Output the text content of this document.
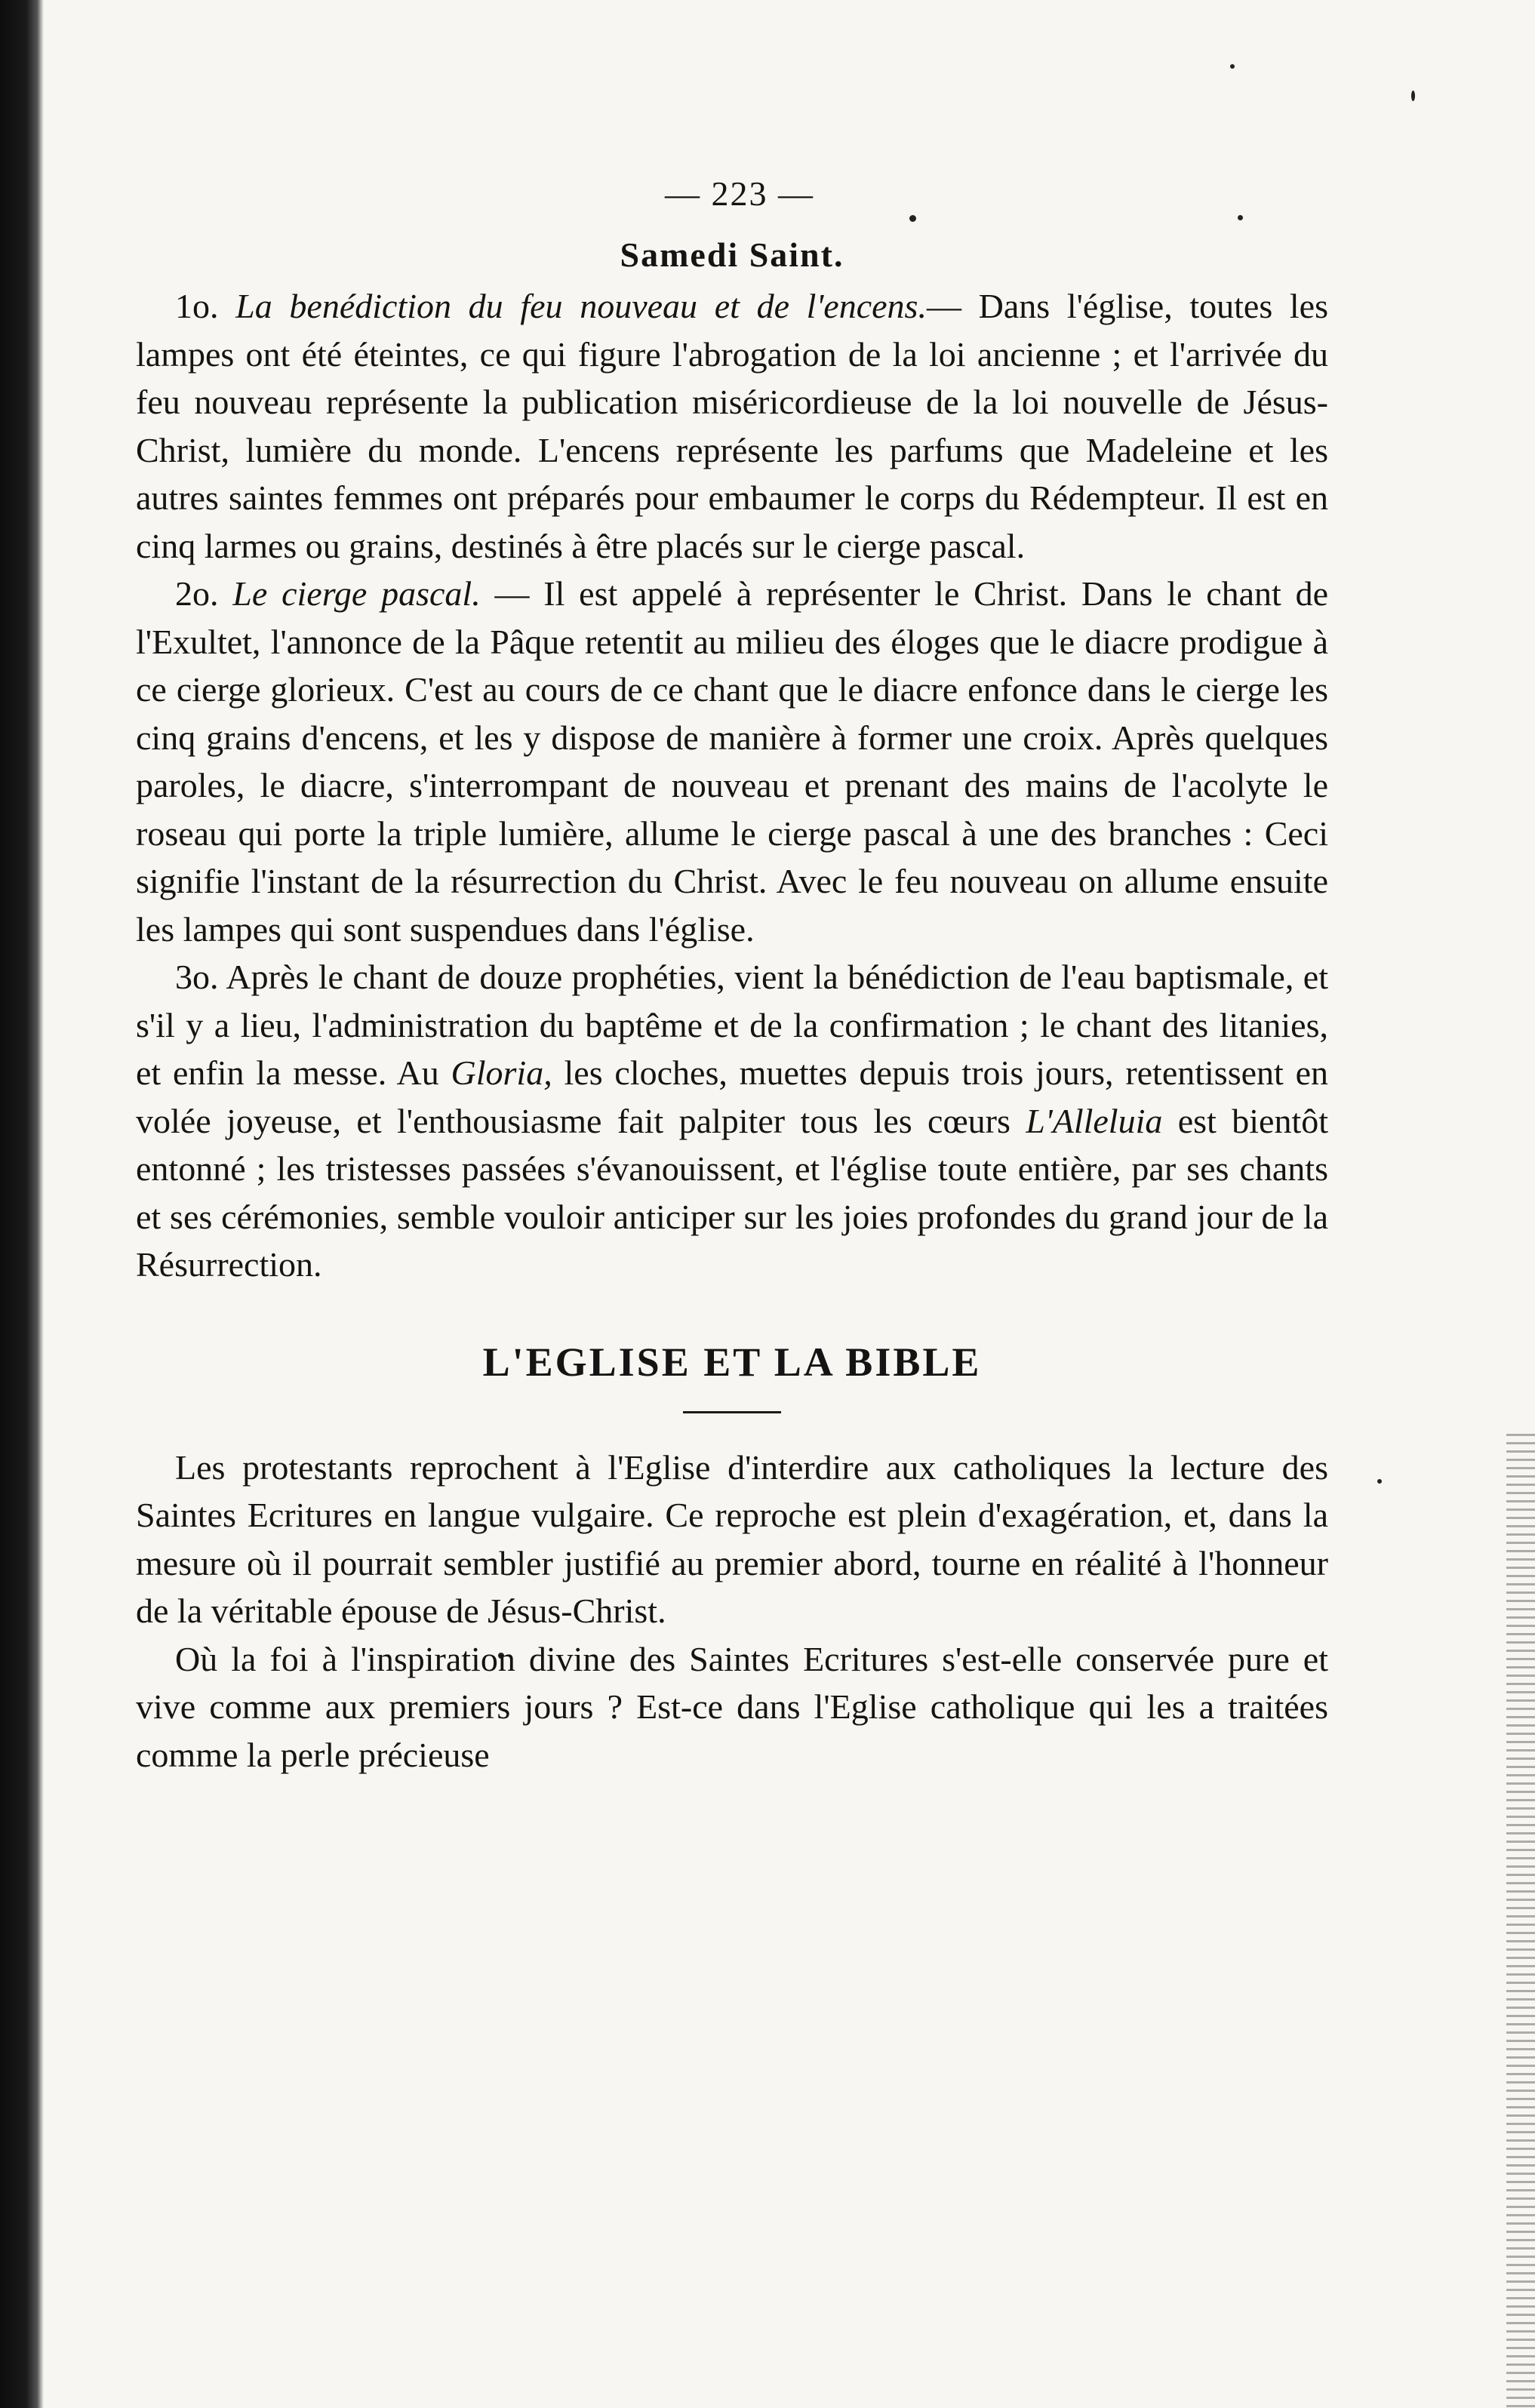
— 223 —
Samedi Saint.

1o. La benédiction du feu nouveau et de l'encens.— Dans l'église, toutes les lampes ont été éteintes, ce qui figure l'abrogation de la loi ancienne ; et l'arrivée du feu nouveau représente la publication miséricordieuse de la loi nouvelle de Jésus-Christ, lumière du monde. L'encens représente les parfums que Madeleine et les autres saintes femmes ont préparés pour embaumer le corps du Rédempteur. Il est en cinq larmes ou grains, destinés à être placés sur le cierge pascal.

2o. Le cierge pascal. — Il est appelé à représenter le Christ. Dans le chant de l'Exultet, l'annonce de la Pâque retentit au milieu des éloges que le diacre prodigue à ce cierge glorieux. C'est au cours de ce chant que le diacre enfonce dans le cierge les cinq grains d'encens, et les y dispose de manière à former une croix. Après quelques paroles, le diacre, s'interrompant de nouveau et prenant des mains de l'acolyte le roseau qui porte la triple lumière, allume le cierge pascal à une des branches : Ceci signifie l'instant de la résurrection du Christ. Avec le feu nouveau on allume ensuite les lampes qui sont suspendues dans l'église.

3o. Après le chant de douze prophéties, vient la bénédiction de l'eau baptismale, et s'il y a lieu, l'administration du baptême et de la confirmation ; le chant des litanies, et enfin la messe. Au Gloria, les cloches, muettes depuis trois jours, retentissent en volée joyeuse, et l'enthousiasme fait palpiter tous les cœurs L'Alleluia est bientôt entonné ; les tristesses passées s'évanouissent, et l'église toute entière, par ses chants et ses cérémonies, semble vouloir anticiper sur les joies profondes du grand jour de la Résurrection.

L'EGLISE ET LA BIBLE

Les protestants reprochent à l'Eglise d'interdire aux catholiques la lecture des Saintes Ecritures en langue vulgaire. Ce reproche est plein d'exagération, et, dans la mesure où il pourrait sembler justifié au premier abord, tourne en réalité à l'honneur de la véritable épouse de Jésus-Christ.

Où la foi à l'inspiration divine des Saintes Ecritures s'est-elle conservée pure et vive comme aux premiers jours ? Est-ce dans l'Eglise catholique qui les a traitées comme la perle précieuse
